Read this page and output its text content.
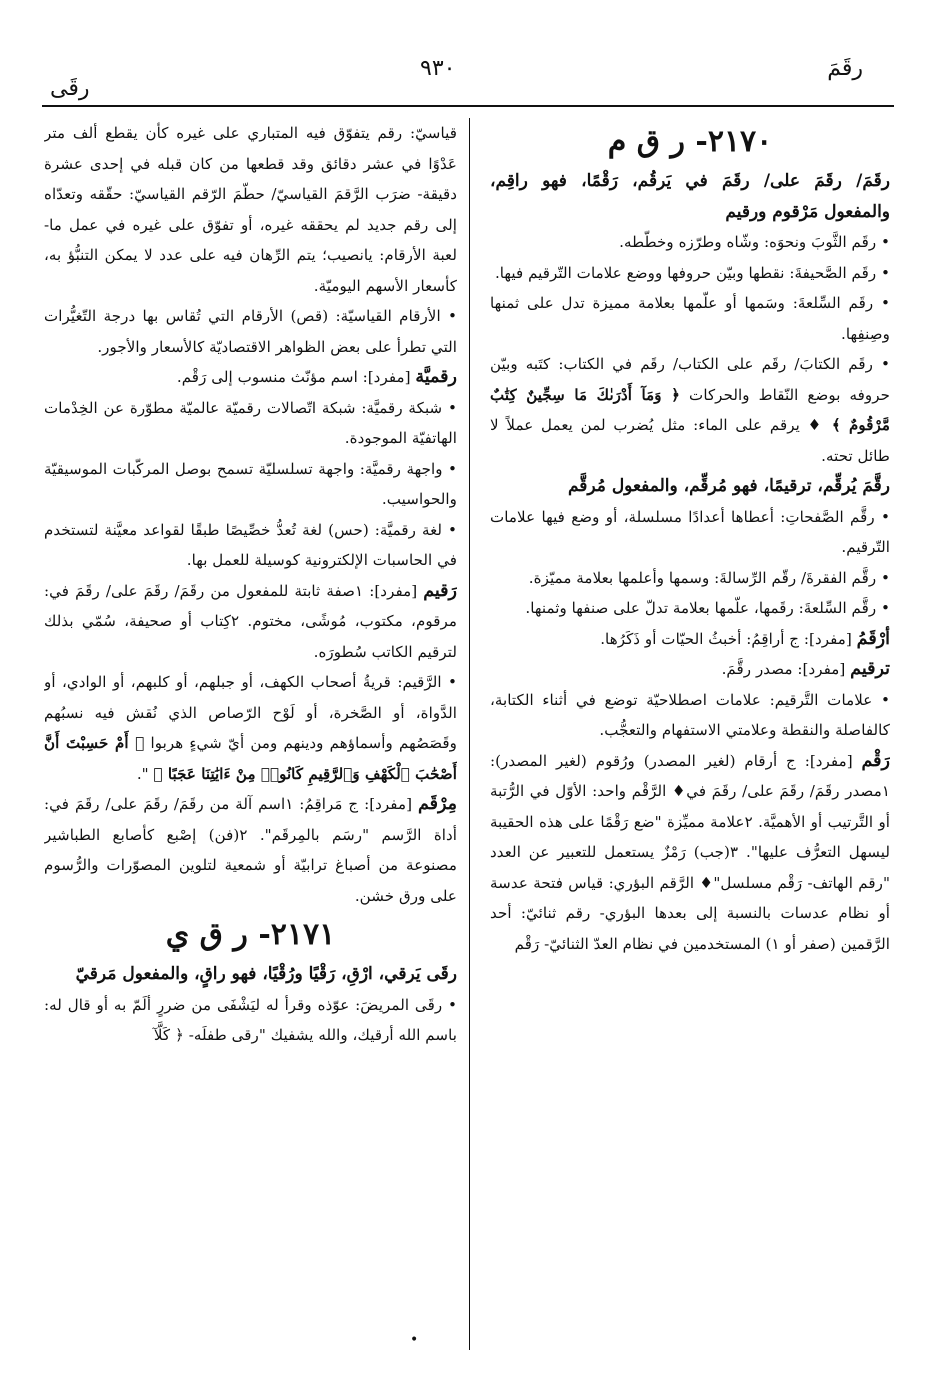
رقَمَ
٩٣٠
رقَى

٢١٧٠- ر ق م

رقَمَ/ رقَمَ على/ رقَمَ في يَرقُم، رَقْمًا، فهو راقِم، والمفعول مَرْقوم ورقيم

• رقَم الثَّوبَ ونحوَه: وشّاه وطرّزه وخطّطه.

• رقَم الصَّحيفةَ: نقطها وبيّن حروفها ووضع علامات التّرقيم فيها.

• رقَم السِّلعةَ: وسَمها أو علّمها بعلامة مميزة تدل على ثمنها وصِنفِها.

• رقَم الكتابَ/ رقَم على الكتاب/ رقَم في الكتاب: كتَبه وبيّن حروفه بوضع النّقاط والحركات ﴿ وَمَآ أَدْرَىٰكَ مَا سِجِّينٌ كِتَٰبٌ مَّرْقُومٌ ﴾ ♦ يرقم على الماء: مثل يُضرب لمن يعمل عملاً لا طائل تحته.

رقَّمَ يُرقِّم، ترقيمًا، فهو مُرقِّم، والمفعول مُرقَّم

• رقَّم الصَّفحاتِ: أعطاها أعدادًا مسلسلة، أو وضع فيها علامات التّرقيم.

• رقَّم الفقرةَ/ رقّم الرِّسالةَ: وسمها وأعلمها بعلامة مميّزة.

• رقَّم السِّلعةَ: رقَمها، علّمها بعلامة تدلّ على صنفها وثمنها.

أرْقَمُ [مفرد]: ج أراقِمُ: أخبثُ الحيّات أو ذَكَرُها.

ترقيم [مفرد]: مصدر رقَّمَ.

• علامات التَّرقيم: علامات اصطلاحيّة توضع في أثناء الكتابة، كالفاصلة والنقطة وعلامتي الاستفهام والتعجُّب.

رَقْم [مفرد]: ج أرقام (لغير المصدر) ورُقوم (لغير المصدر): ١مصدر رقَمَ/ رقَمَ على/ رقَمَ في♦ الرَّقْم واحد: الأوّل في الرُّتبة أو التَّرتيب أو الأهميَّة. ٢علامة مميِّزة "ضع رَقْمًا على هذه الحقيبة ليسهل التعرُّف عليها". ٣(جب) رَمْزٌ يستعمل للتعبير عن العدد "رقم الهاتف- رَقْم مسلسل"♦ الرَّقم البؤري: قياس فتحة عدسة أو نظام عدسات بالنسبة إلى بعدها البؤري- رقم ثنائيّ: أحد الرَّقمين (صفر أو ١) المستخدمين في نظام العدّ الثنائيّ- رَقْم

قياسيّ: رقم يتفوّق فيه المتباري على غيره كأن يقطع ألف متر عَدْوًا في عشر دقائق وقد قطعها من كان قبله في إحدى عشرة دقيقة- ضرَب الرَّقمَ القياسيّ/ حطّمَ الرّقم القياسيّ: حقّقه وتعدّاه إلى رقم جديد لم يحققه غيره، أو تفوّق على غيره في عمل ما- لعبة الأرقام: يانصيب؛ يتم الرِّهان فيه على عدد لا يمكن التنبُّؤ به، كأسعار الأسهم اليوميّة.

• الأرقام القياسيّة: (قص) الأرقام التي تُقاس بها درجة التّغيُّرات التي تطرأ على بعض الظواهر الاقتصاديّة كالأسعار والأجور.

رقميَّة [مفرد]: اسم مؤنّث منسوب إلى رَقْم.

• شبكة رقميَّة: شبكة اتّصالات رقميّة عالميّة مطوّرة عن الخِدْمات الهاتفيّة الموجودة.

• واجهة رقميَّة: واجهة تسلسليّة تسمح بوصل المركّبات الموسيقيّة والحواسيب.

• لغة رقميَّة: (حس) لغة تُعدُّ خصِّيصًا طبقًا لقواعد معيَّنة لتستخدم في الحاسبات الإلكترونية كوسيلة للعمل بها.

رَقيم [مفرد]: ١صفة ثابتة للمفعول من رقَمَ/ رقَمَ على/ رقَمَ في: مرقوم، مكتوب، مُوشًى، مختوم. ٢كِتاب أو صحيفة، سُمّي بذلك لترقيم الكاتب سُطورَه.

• الرَّقيم: قريةُ أصحاب الكهف، أو جبلهم، أو كلبهم، أو الوادي، أو الدَّواة، أو الصَّخرة، أو لَوْح الرّصاص الذي نُقش فيه نسبُهم وقَصَصُهم وأسماؤهم ودينهم ومن أيّ شيءٍ هربوا ﴿ أَمْ حَسِبْتَ أَنَّ أَصْحَٰبَ ٱلْكَهْفِ وَٱلرَّقِيمِ كَانُوا۟ مِنْ ءَايَٰتِنَا عَجَبًا ﴾ ".

مِرْقَم [مفرد]: ج مَراقِمُ: ١اسم آلة من رقَمَ/ رقَمَ على/ رقَمَ في: أداة الرَّسم "رسَم بالمِرقَم". ٢(فن) إصْبع كأصابع الطباشير مصنوعة من أصباغ ترابيّة أو شمعية لتلوين المصوّرات والرُّسوم على ورق خشن.

٢١٧١- ر ق ي

رقَى يَرقي، ارْقِ، رَقْيًا ورُقْيًا، فهو راقٍ، والمفعول مَرقيّ

• رقَى المريضَ: عوّذه وقرأ له ليَشْفَى من ضررٍ ألَمّ به أو قال له: باسم الله أرقيك، والله يشفيك "رقى طفلَه- ﴿ كَلَّآ

•
